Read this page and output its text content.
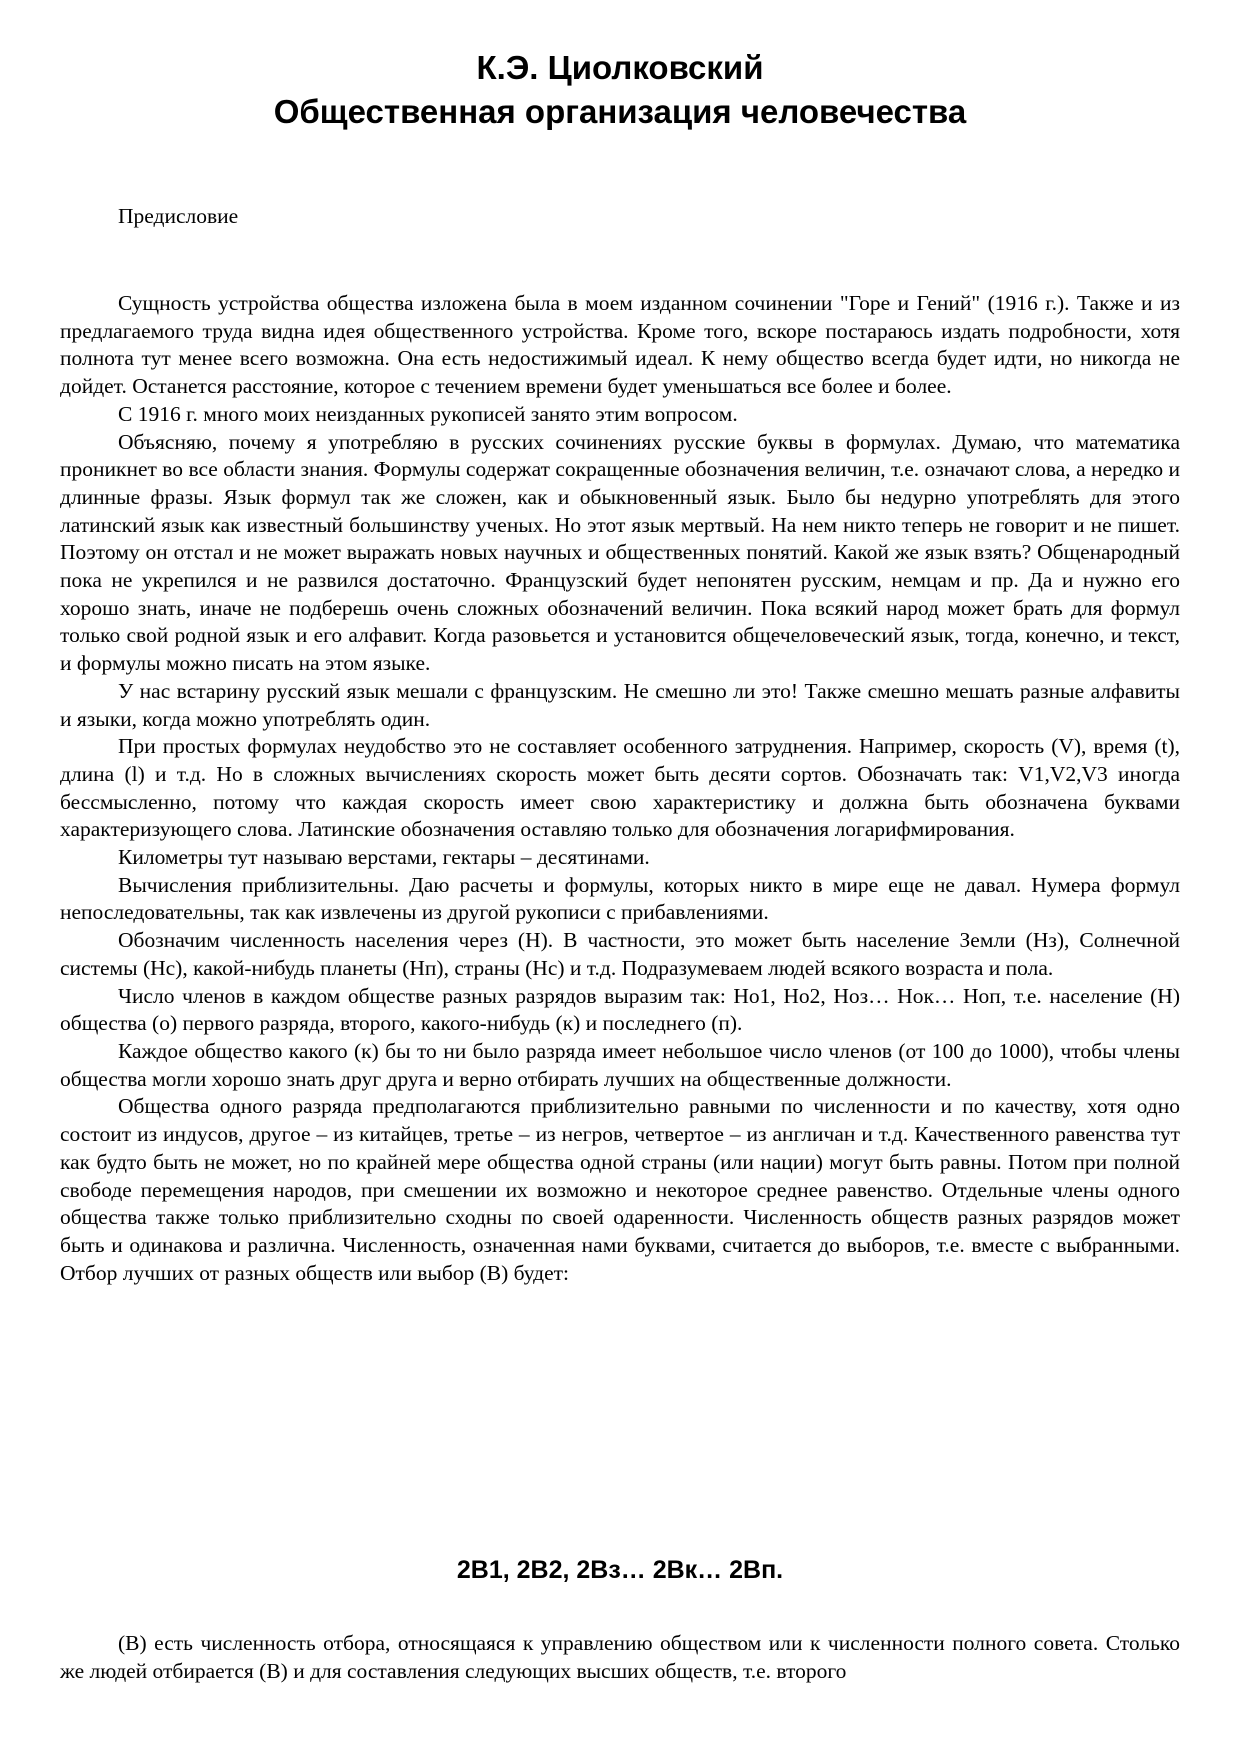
К.Э. Циолковский
Общественная организация человечества
Предисловие

Сущность устройства общества изложена была в моем изданном сочинении "Горе и Гений" (1916 г.). Также и из предлагаемого труда видна идея общественного устройства. Кроме того, вскоре постараюсь издать подробности, хотя полнота тут менее всего возможна. Она есть недостижимый идеал. К нему общество всегда будет идти, но никогда не дойдет. Останется расстояние, которое с течением времени будет уменьшаться все более и более.

С 1916 г. много моих неизданных рукописей занято этим вопросом.

Объясняю, почему я употребляю в русских сочинениях русские буквы в формулах. Думаю, что математика проникнет во все области знания. Формулы содержат сокращенные обозначения величин, т.е. означают слова, а нередко и длинные фразы. Язык формул так же сложен, как и обыкновенный язык. Было бы недурно употреблять для этого латинский язык как известный большинству ученых. Но этот язык мертвый. На нем никто теперь не говорит и не пишет. Поэтому он отстал и не может выражать новых научных и общественных понятий. Какой же язык взять? Общенародный пока не укрепился и не развился достаточно. Французский будет непонятен русским, немцам и пр. Да и нужно его хорошо знать, иначе не подберешь очень сложных обозначений величин. Пока всякий народ может брать для формул только свой родной язык и его алфавит. Когда разовьется и установится общечеловеческий язык, тогда, конечно, и текст, и формулы можно писать на этом языке.

У нас встарину русский язык мешали с французским. Не смешно ли это! Также смешно мешать разные алфавиты и языки, когда можно употреблять один.

При простых формулах неудобство это не составляет особенного затруднения. Например, скорость (V), время (t), длина (l) и т.д. Но в сложных вычислениях скорость может быть десяти сортов. Обозначать так: V1,V2,V3 иногда бессмысленно, потому что каждая скорость имеет свою характеристику и должна быть обозначена буквами характеризующего слова. Латинские обозначения оставляю только для обозначения логарифмирования.

Километры тут называю верстами, гектары – десятинами.

Вычисления приблизительны. Даю расчеты и формулы, которых никто в мире еще не давал. Нумера формул непоследовательны, так как извлечены из другой рукописи с прибавлениями.

Обозначим численность населения через (Н). В частности, это может быть население Земли (Нз), Солнечной системы (Нс), какой-нибудь планеты (Нп), страны (Нс) и т.д. Подразумеваем людей всякого возраста и пола.

Число членов в каждом обществе разных разрядов выразим так: Но1, Но2, Ноз… Нок… Ноп, т.е. население (Н) общества (о) первого разряда, второго, какого-нибудь (к) и последнего (п).

Каждое общество какого (к) бы то ни было разряда имеет небольшое число членов (от 100 до 1000), чтобы члены общества могли хорошо знать друг друга и верно отбирать лучших на общественные должности.

Общества одного разряда предполагаются приблизительно равными по численности и по качеству, хотя одно состоит из индусов, другое – из китайцев, третье – из негров, четвертое – из англичан и т.д. Качественного равенства тут как будто быть не может, но по крайней мере общества одной страны (или нации) могут быть равны. Потом при полной свободе перемещения народов, при смешении их возможно и некоторое среднее равенство. Отдельные члены одного общества также только приблизительно сходны по своей одаренности. Численность обществ разных разрядов может быть и одинакова и различна. Численность, означенная нами буквами, считается до выборов, т.е. вместе с выбранными. Отбор лучших от разных обществ или выбор (В) будет:

2В1, 2В2, 2Вз… 2Вк… 2Вп.

(В) есть численность отбора, относящаяся к управлению обществом или к численности полного совета. Столько же людей отбирается (В) и для составления следующих высших обществ, т.е. второго
